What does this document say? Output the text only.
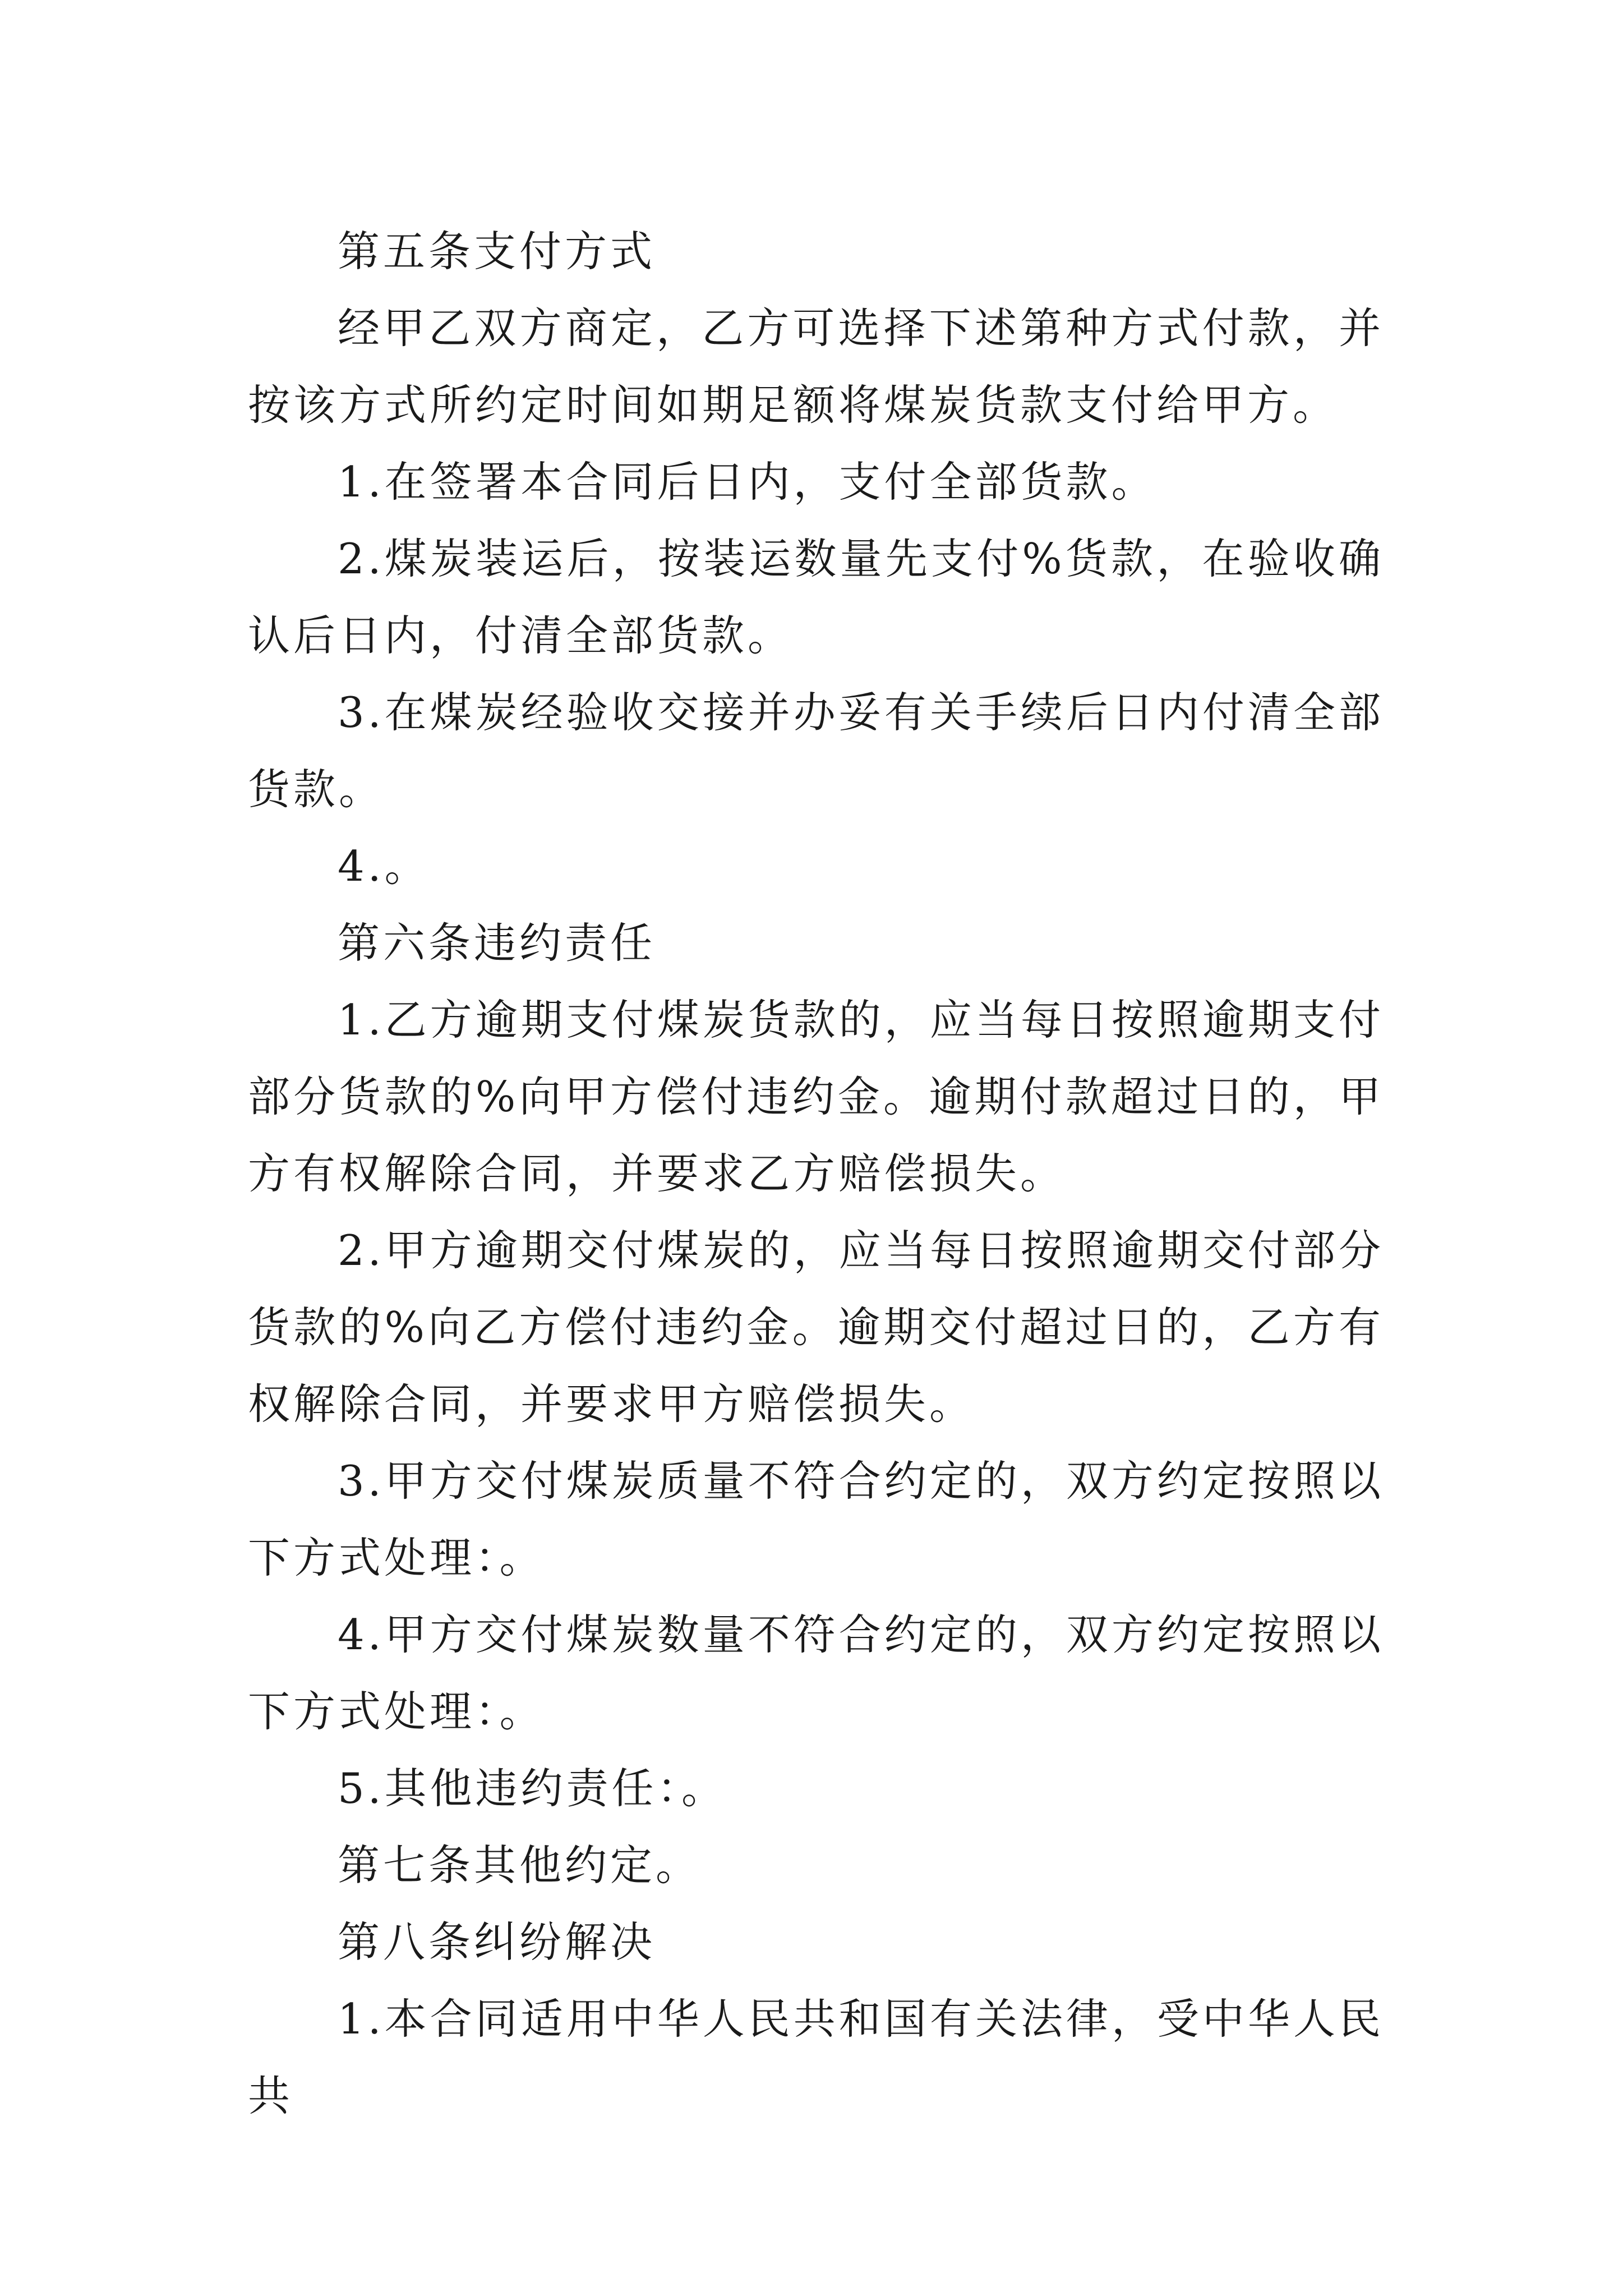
第五条支付方式

经甲乙双方商定，乙方可选择下述第种方式付款，并按该方式所约定时间如期足额将煤炭货款支付给甲方。

1.在签署本合同后日内，支付全部货款。

2.煤炭装运后，按装运数量先支付%货款，在验收确认后日内，付清全部货款。

3.在煤炭经验收交接并办妥有关手续后日内付清全部货款。

4.。

第六条违约责任

1.乙方逾期支付煤炭货款的，应当每日按照逾期支付部分货款的%向甲方偿付违约金。逾期付款超过日的，甲方有权解除合同，并要求乙方赔偿损失。

2.甲方逾期交付煤炭的，应当每日按照逾期交付部分货款的%向乙方偿付违约金。逾期交付超过日的，乙方有权解除合同，并要求甲方赔偿损失。

3.甲方交付煤炭质量不符合约定的，双方约定按照以下方式处理：。

4.甲方交付煤炭数量不符合约定的，双方约定按照以下方式处理：。

5.其他违约责任：。

第七条其他约定。

第八条纠纷解决

1.本合同适用中华人民共和国有关法律，受中华人民共
